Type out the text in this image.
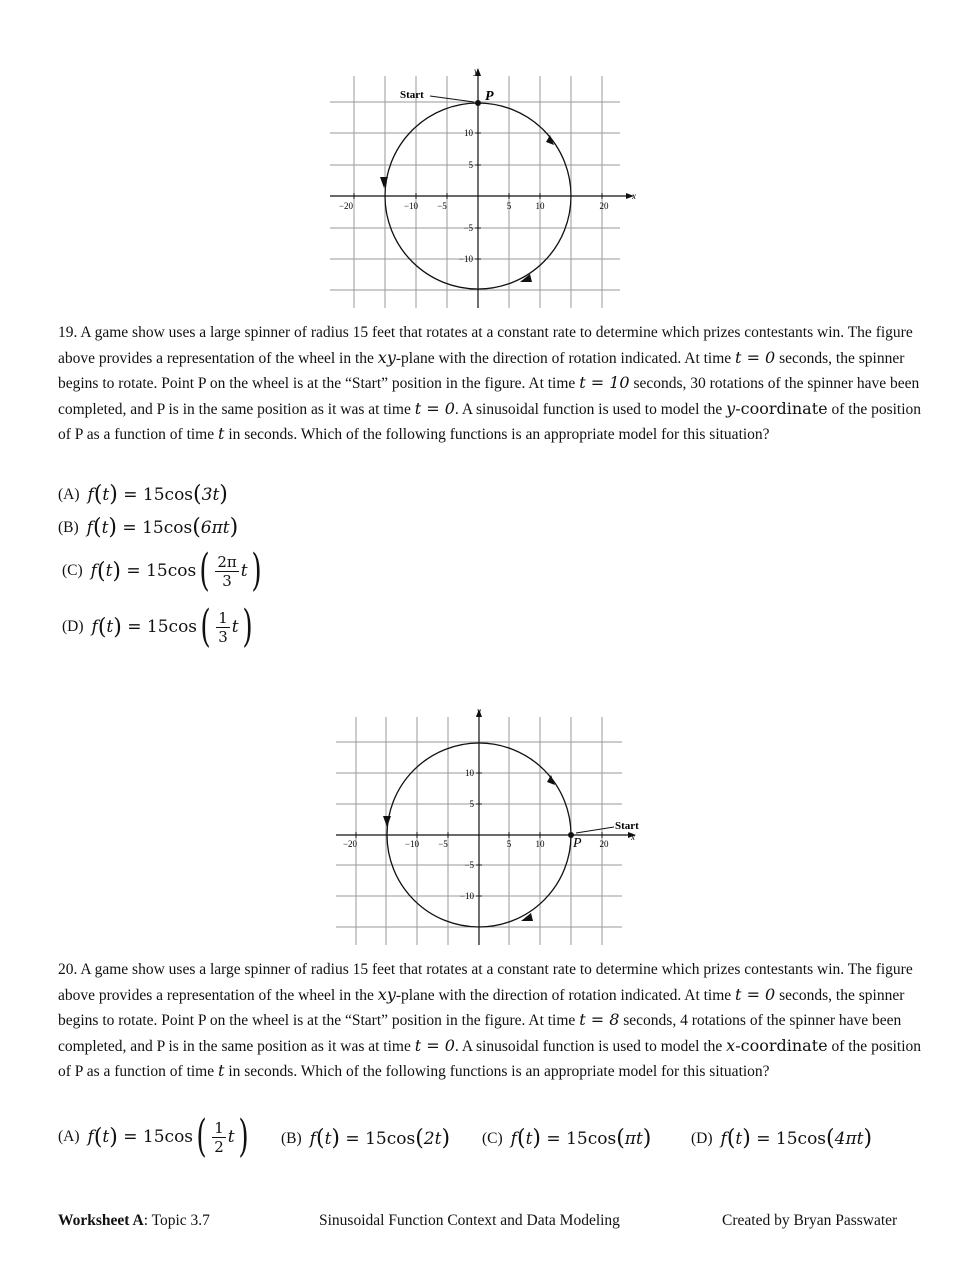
Start	P
x
y
−20	−10 −5	5	10	20
10
5
−5
−10

19. A game show uses a large spinner of radius 15 feet that rotates at a constant rate to determine which prizes contestants win. The figure above provides a representation of the wheel in the xy-plane with the direction of rotation indicated. At time t = 0 seconds, the spinner begins to rotate. Point P on the wheel is at the “Start” position in the figure. At time t = 10 seconds, 30 rotations of the spinner have been completed, and P is in the same position as it was at time t = 0. A sinusoidal function is used to model the y-coordinate of the position of P as a function of time t in seconds. Which of the following functions is an appropriate model for this situation?

(A) f ( t ) = 15cos ( 3t )
(B) f ( t ) = 15cos ( 6πt )
(C) f ( t ) = 15cos ( $\frac{2\pi}{3}$ t )
(D) f ( t ) = 15cos ( $\frac{1}{3}$ t )
Start
P	x
y
−20	−10 −5	5	10	20
10
5
−5
−10

20. A game show uses a large spinner of radius 15 feet that rotates at a constant rate to determine which prizes contestants win. The figure above provides a representation of the wheel in the xy-plane with the direction of rotation indicated. At time t = 0 seconds, the spinner begins to rotate. Point P on the wheel is at the “Start” position in the figure. At time t = 8 seconds, 4 rotations of the spinner have been completed, and P is in the same position as it was at time t = 0. A sinusoidal function is used to model the x-coordinate of the position of P as a function of time t in seconds. Which of the following functions is an appropriate model for this situation?

(A) f ( t ) = 15cos ( $\frac{1}{2}$ t ) (B) f ( t ) = 15cos ( 2t ) (C) f ( t ) = 15cos ( πt )	(D) f ( t ) = 15cos ( 4πt )
Worksheet A: Topic 3.7	Sinusoidal Function Context and Data Modeling	Created by Bryan Passwater
